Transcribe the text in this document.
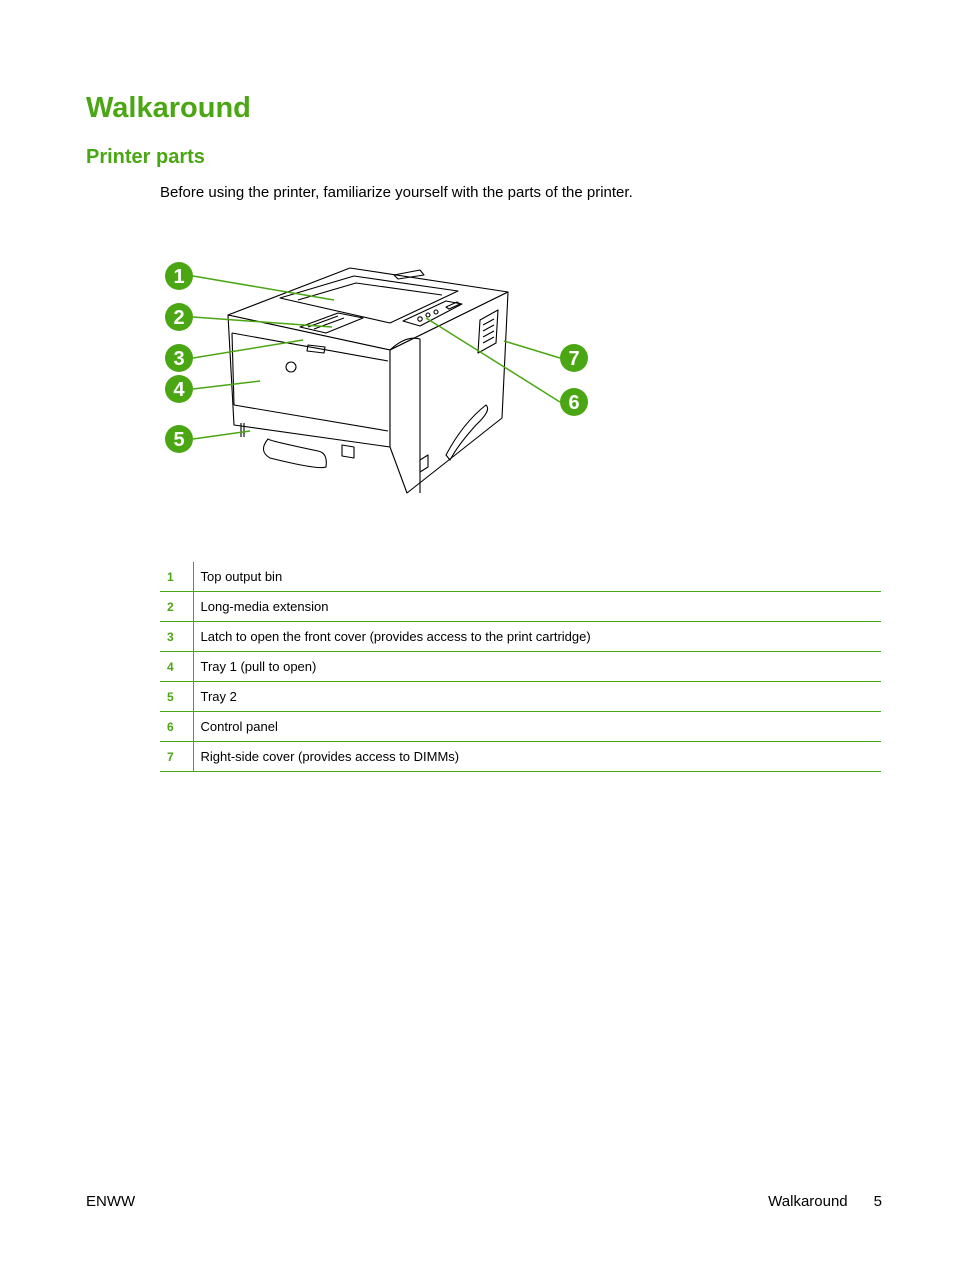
Walkaround
Printer parts

Before using the printer, familiarize yourself with the parts of the printer.

1
2
3
4
5
6
7
1	Top output bin
2	Long-media extension
3	Latch to open the front cover (provides access to the print cartridge)
4	Tray 1 (pull to open)
5	Tray 2
6	Control panel
7	Right-side cover (provides access to DIMMs)
ENWW	Walkaround 5
